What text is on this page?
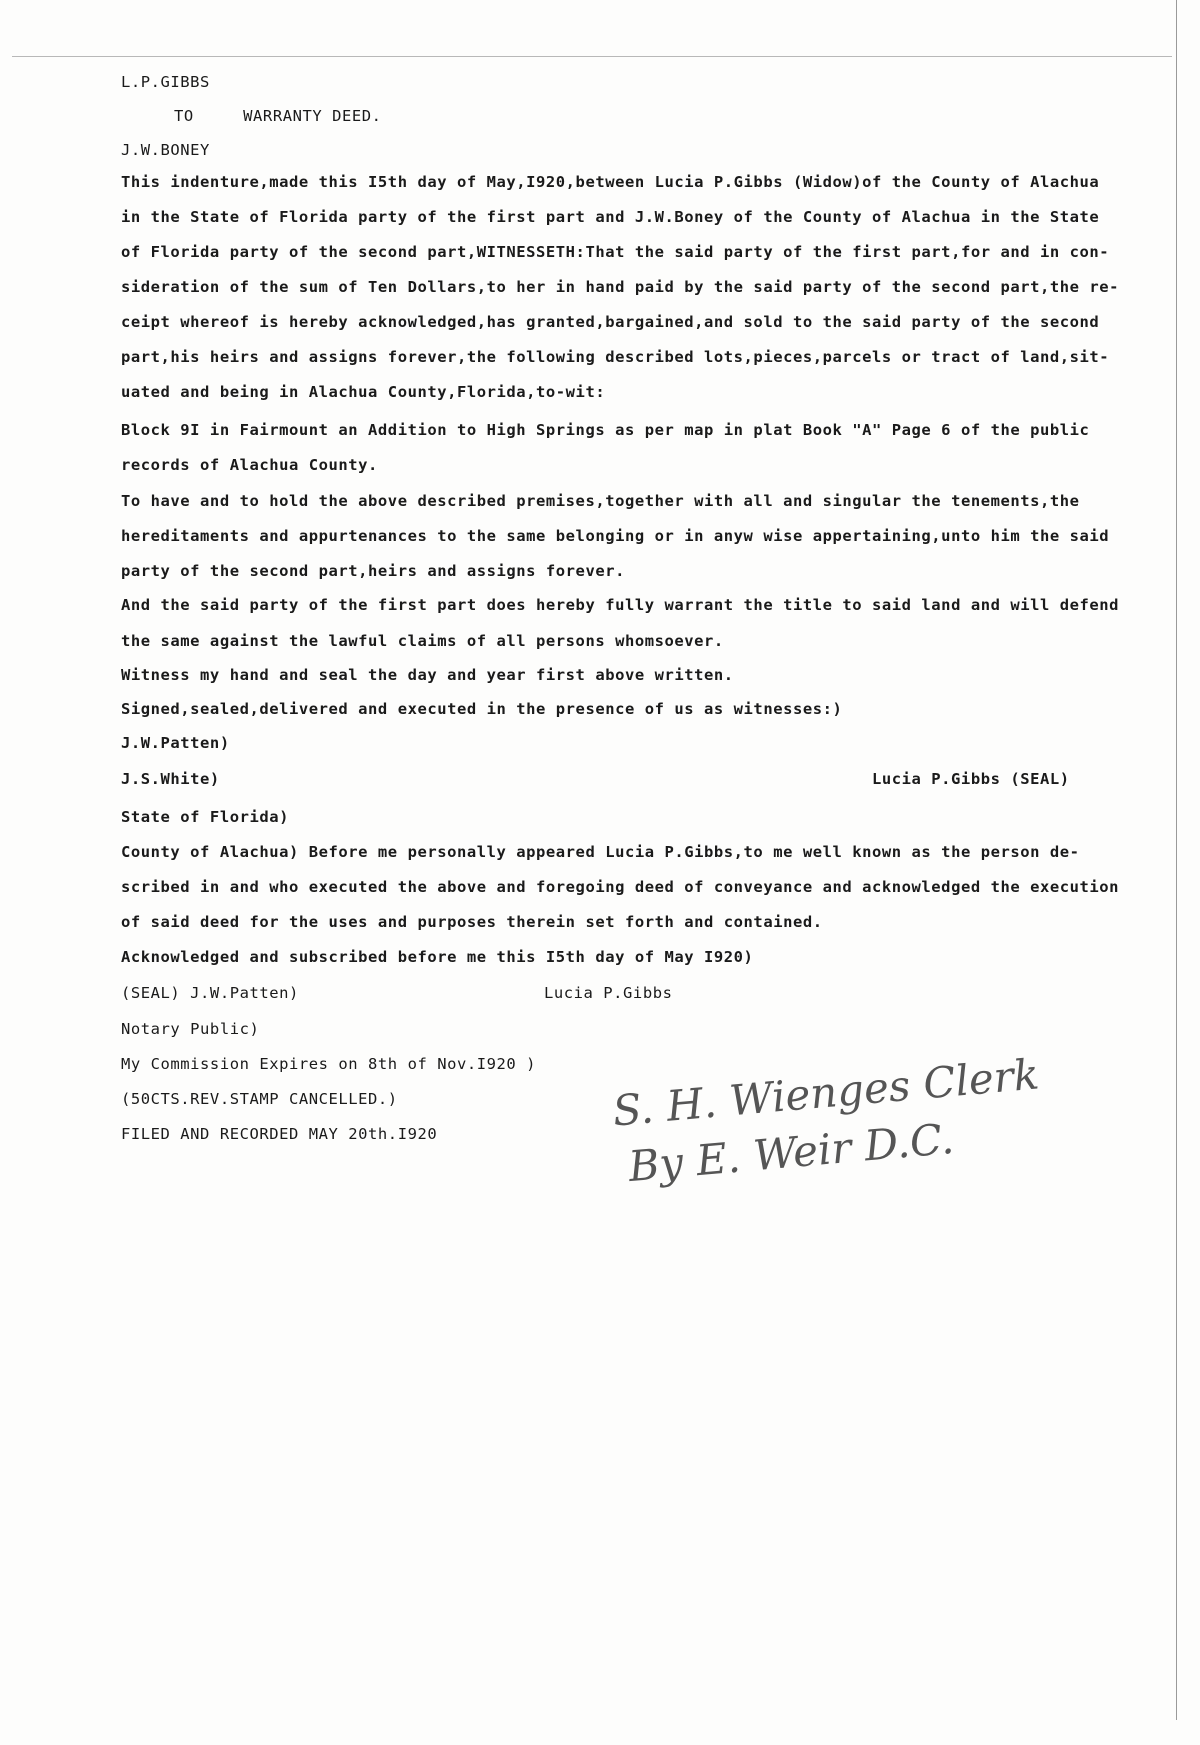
L.P.GIBBS
TO     WARRANTY DEED.
J.W.BONEY
This indenture,made this I5th day of May,I920,between Lucia P.Gibbs (Widow)of the County of Alachua
in the State of Florida party of the first part and J.W.Boney of the County of Alachua in the State
of Florida party of the second part,WITNESSETH:That the said party of the first part,for and in con-
sideration of the sum of Ten Dollars,to her in hand paid by the said party of the second part,the re-
ceipt whereof is hereby acknowledged,has granted,bargained,and sold to the said party of the second
part,his heirs and assigns forever,the following described lots,pieces,parcels or tract of land,sit-
uated and being in Alachua County,Florida,to-wit:
Block 9I in Fairmount an Addition to High Springs as per map in plat Book "A" Page 6 of the public
records of Alachua County.
To have and to hold the above described premises,together with all and singular the tenements,the
hereditaments and appurtenances to the same belonging or in anyw wise appertaining,unto him the said
party of the second part,heirs and assigns forever.
And the said party of the first part does hereby fully warrant the title to said land and will defend
the same against the lawful claims of all persons whomsoever.
Witness my hand and seal the day and year first above written.
Signed,sealed,delivered and executed in the presence of us as witnesses:)
J.W.Patten)
J.S.White)	Lucia P.Gibbs (SEAL)
State of Florida)
County of Alachua) Before me personally appeared Lucia P.Gibbs,to me well known as the person de-
scribed in and who executed the above and foregoing deed of conveyance and acknowledged the execution
of said deed for the uses and purposes therein set forth and contained.
Acknowledged and subscribed before me this I5th day of May I920)
(SEAL) J.W.Patten)	Lucia P.Gibbs
Notary Public)
My Commission Expires on 8th of Nov.I920 )
(50CTS.REV.STAMP CANCELLED.)
FILED AND RECORDED MAY 20th.I920	S. H. Wienges Clerk
By E. Weir D.C.
